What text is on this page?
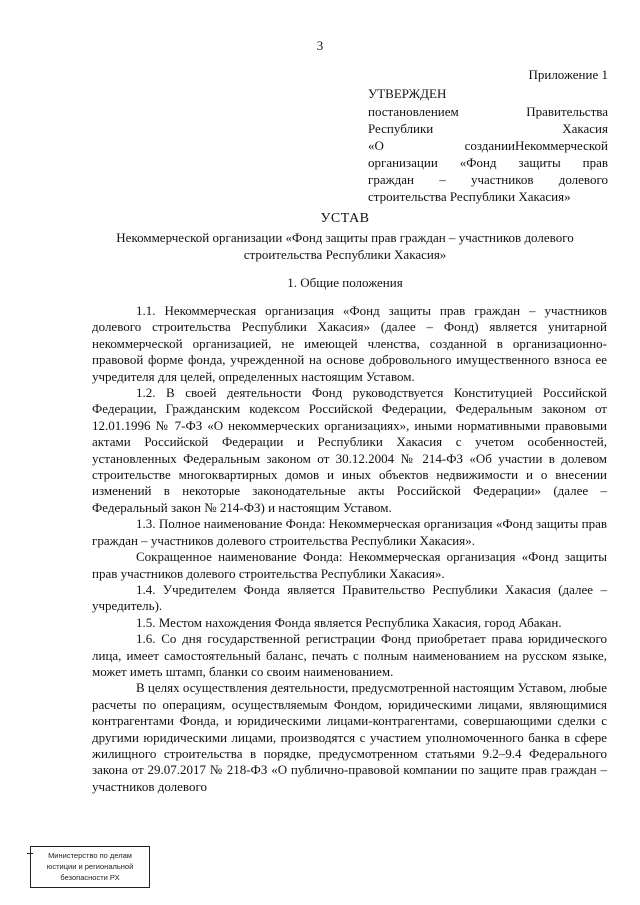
3
Приложение 1
УТВЕРЖДЕН
постановлением Правительства
Республики Хакасия
«О созданииНекоммерческой
организации «Фонд защиты прав
граждан – участников долевого
строительства Республики Хакасия»
УСТАВ
Некоммерческой организации «Фонд защиты прав граждан – участников долевого строительства Республики Хакасия»
1. Общие положения

1.1. Некоммерческая организация «Фонд защиты прав граждан – участников долевого строительства Республики Хакасия» (далее – Фонд) является унитарной некоммерческой организацией, не имеющей членства, созданной в организационно-правовой форме фонда, учрежденной на основе добровольного имущественного взноса ее учредителя для целей, определенных настоящим Уставом.

1.2. В своей деятельности Фонд руководствуется Конституцией Российской Федерации, Гражданским кодексом Российской Федерации, Федеральным законом от 12.01.1996 № 7-ФЗ «О некоммерческих организациях», иными нормативными правовыми актами Российской Федерации и Республики Хакасия с учетом особенностей, установленных Федеральным законом от 30.12.2004 № 214-ФЗ «Об участии в долевом строительстве многоквартирных домов и иных объектов недвижимости и о внесении изменений в некоторые законодательные акты Российской Федерации» (далее – Федеральный закон № 214-ФЗ) и настоящим Уставом.

1.3. Полное наименование Фонда: Некоммерческая организация «Фонд защиты прав граждан – участников долевого строительства Республики Хакасия».

Сокращенное наименование Фонда: Некоммерческая организация «Фонд защиты прав участников долевого строительства Республики Хакасия».

1.4. Учредителем Фонда является Правительство Республики Хакасия (далее – учредитель).

1.5. Местом нахождения Фонда является Республика Хакасия, город Абакан.

1.6. Со дня государственной регистрации Фонд приобретает права юридического лица, имеет самостоятельный баланс, печать с полным наименованием на русском языке, может иметь штамп, бланки со своим наименованием.

В целях осуществления деятельности, предусмотренной настоящим Уставом, любые расчеты по операциям, осуществляемым Фондом, юридическими лицами, являющимися контрагентами Фонда, и юридическими лицами-контрагентами, совершающими сделки с другими юридическими лицами, производятся с участием уполномоченного банка в сфере жилищного строительства в порядке, предусмотренном статьями 9.2–9.4 Федерального закона от 29.07.2017 № 218-ФЗ «О публично-правовой компании по защите прав граждан – участников долевого

Министерство по делам
юстиции и региональной
безопасности РХ
